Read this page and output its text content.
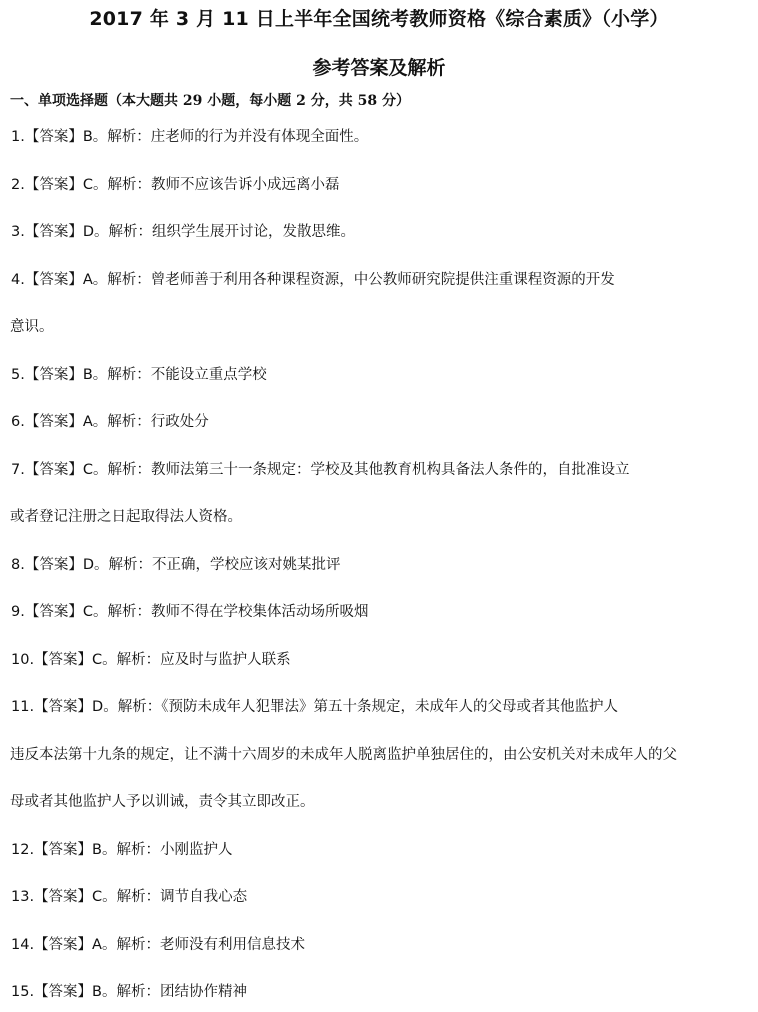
2017 年 3 月 11 日上半年全国统考教师资格《综合素质》（小学）
参考答案及解析
一、单项选择题（本大题共 29 小题，每小题 2 分，共 58 分）
1.【答案】B。解析：庄老师的行为并没有体现全面性。
2.【答案】C。解析：教师不应该告诉小成远离小磊
3.【答案】D。解析：组织学生展开讨论，发散思维。
4.【答案】A。解析：曾老师善于利用各种课程资源，中公教师研究院提供注重课程资源的开发
意识。
5.【答案】B。解析：不能设立重点学校
6.【答案】A。解析：行政处分
7.【答案】C。解析：教师法第三十一条规定：学校及其他教育机构具备法人条件的，自批准设立
或者登记注册之日起取得法人资格。
8.【答案】D。解析：不正确，学校应该对姚某批评
9.【答案】C。解析：教师不得在学校集体活动场所吸烟
10.【答案】C。解析：应及时与监护人联系
11.【答案】D。解析：《预防未成年人犯罪法》第五十条规定，未成年人的父母或者其他监护人
违反本法第十九条的规定，让不满十六周岁的未成年人脱离监护单独居住的，由公安机关对未成年人的父
母或者其他监护人予以训诫，责令其立即改正。
12.【答案】B。解析：小刚监护人
13.【答案】C。解析：调节自我心态
14.【答案】A。解析：老师没有利用信息技术
15.【答案】B。解析：团结协作精神
